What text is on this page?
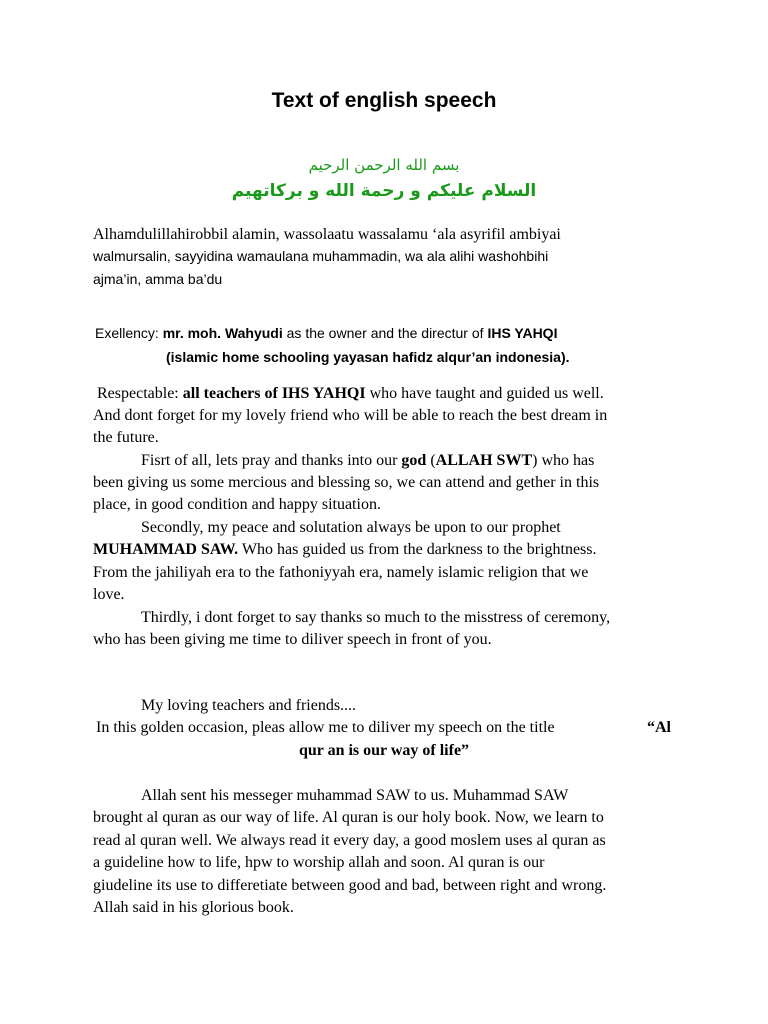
Text of english speech
بسم الله الرحمن الرحيم
السلام عليكم و رحمة الله و بركاتهيم
Alhamdulillahirobbil alamin, wassolaatu wassalamu ‘ala asyrifil ambiyai
walmursalin, sayyidina wamaulana muhammadin, wa ala alihi washohbihi
ajma’in, amma ba’du
Exellency: mr. moh. Wahyudi as the owner and the directur of IHS YAHQI
(islamic home schooling yayasan hafidz alqur’an indonesia).
Respectable: all teachers of IHS YAHQI who have taught and guided us well.
And dont forget for my lovely friend who will be able to reach the best dream in
the future.
Fisrt of all, lets pray and thanks into our god (ALLAH SWT) who has
been giving us some mercious and blessing so, we can attend and gether in this
place, in good condition and happy situation.
Secondly, my peace and solutation always be upon to our prophet
MUHAMMAD SAW. Who has guided us from the darkness to the brightness.
From the jahiliyah era to the fathoniyyah era, namely islamic religion that we
love.
Thirdly, i dont forget to say thanks so much to the misstress of ceremony,
who has been giving me time to diliver speech in front of you.
My loving teachers and friends....
In this golden occasion, pleas allow me to diliver my speech on the title	“Al
qur an is our way of life”
Allah sent his messeger muhammad SAW to us. Muhammad SAW
brought al quran as our way of life. Al quran is our holy book. Now, we learn to
read al quran well. We always read it every day, a good moslem uses al quran as
a guideline how to life, hpw to worship allah and soon. Al quran is our
giudeline its use to differetiate between good and bad, between right and wrong.
Allah said in his glorious book.
